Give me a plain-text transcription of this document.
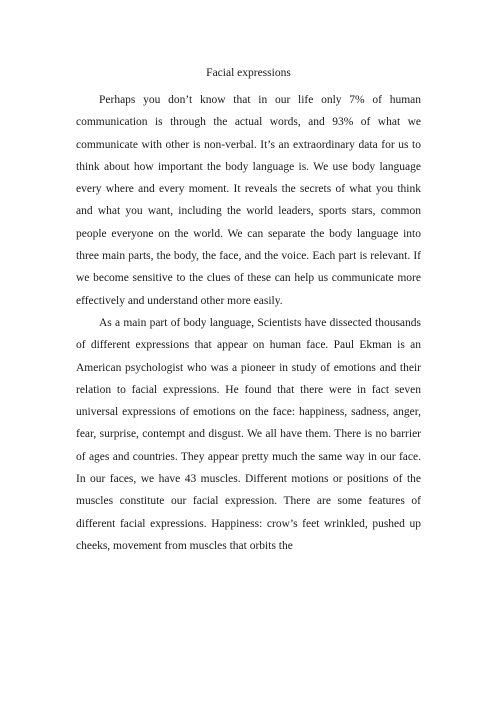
Facial expressions

Perhaps you don’t know that in our life only 7% of human communication is through the actual words, and 93% of what we communicate with other is non-verbal. It’s an extraordinary data for us to think about how important the body language is. We use body language every where and every moment. It reveals the secrets of what you think and what you want, including the world leaders, sports stars, common people everyone on the world. We can separate the body language into three main parts, the body, the face, and the voice. Each part is relevant. If we become sensitive to the clues of these can help us communicate more effectively and understand other more easily.

As a main part of body language, Scientists have dissected thousands of different expressions that appear on human face. Paul Ekman is an American psychologist who was a pioneer in study of emotions and their relation to facial expressions. He found that there were in fact seven universal expressions of emotions on the face: happiness, sadness, anger, fear, surprise, contempt and disgust. We all have them. There is no barrier of ages and countries. They appear pretty much the same way in our face. In our faces, we have 43 muscles. Different motions or positions of the muscles constitute our facial expression. There are some features of different facial expressions. Happiness: crow’s feet wrinkled, pushed up cheeks, movement from muscles that orbits the
